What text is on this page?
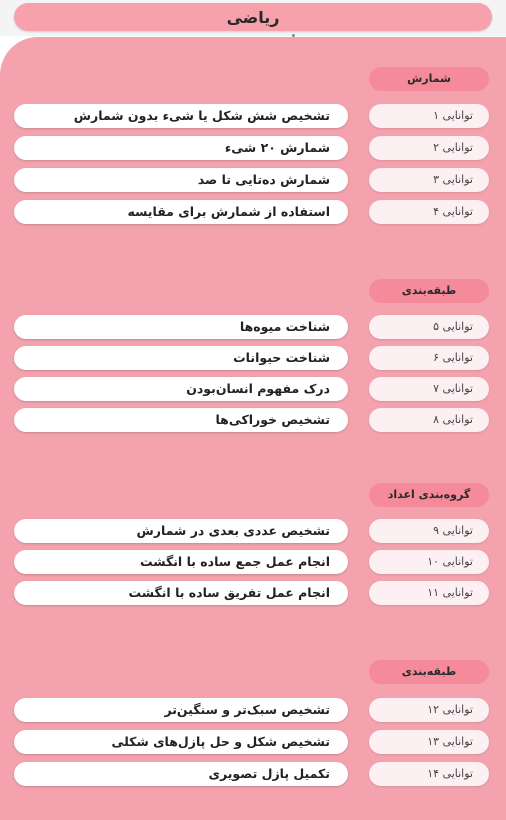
ریاضی
شمارش
تشخیص شش شکل یا شیء بدون شمارش	توانایی ۱
شمارش ۲۰ شیء	توانایی ۲
شمارش ده‌تایی تا صد	توانایی ۳
استفاده از شمارش برای مقایسه	توانایی ۴
طبقه‌بندی
شناخت میوه‌ها	توانایی ۵
شناخت حیوانات	توانایی ۶
درک مفهوم انسان‌بودن	توانایی ۷
تشخیص خوراکی‌ها	توانایی ۸
گروه‌بندی اعداد
تشخیص عددی بعدی در شمارش	توانایی ۹
انجام عمل جمع ساده با انگشت	توانایی ۱۰
انجام عمل تفریق ساده با انگشت	توانایی ۱۱
طبقه‌بندی
تشخیص سبک‌تر و سنگین‌تر	توانایی ۱۲
تشخیص شکل و حل پازل‌های شکلی	توانایی ۱۳
تکمیل پازل تصویری	توانایی ۱۴
